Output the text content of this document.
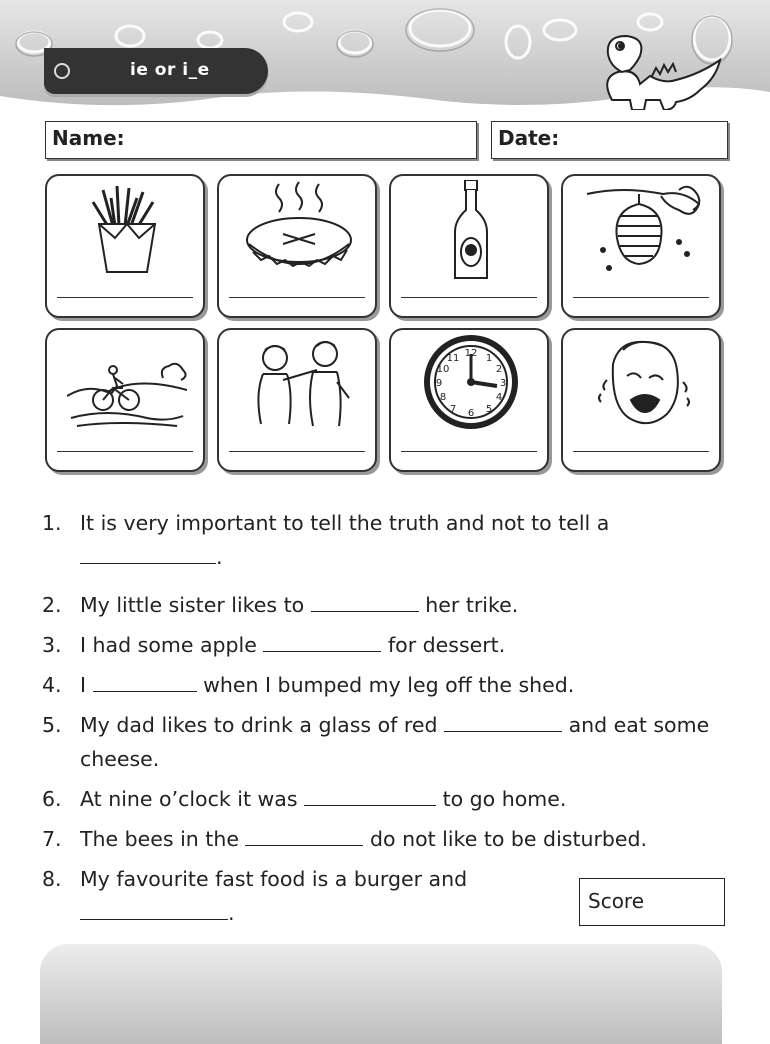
ie or i_e
Name:	Date:
12 1
2
3
4
5
6
7
8
9
10
11
1. It is very important to tell the truth and not to tell a
.
2. My little sister likes to	her trike.
3. I had some apple	for dessert.
4. I	when I bumped my leg off the shed.
5. My dad likes to drink a glass of red	and eat some cheese.
6. At nine o’clock it was	to go home.
7. The bees in the	do not like to be disturbed.
8. My favourite fast food is a burger and
.	Score
